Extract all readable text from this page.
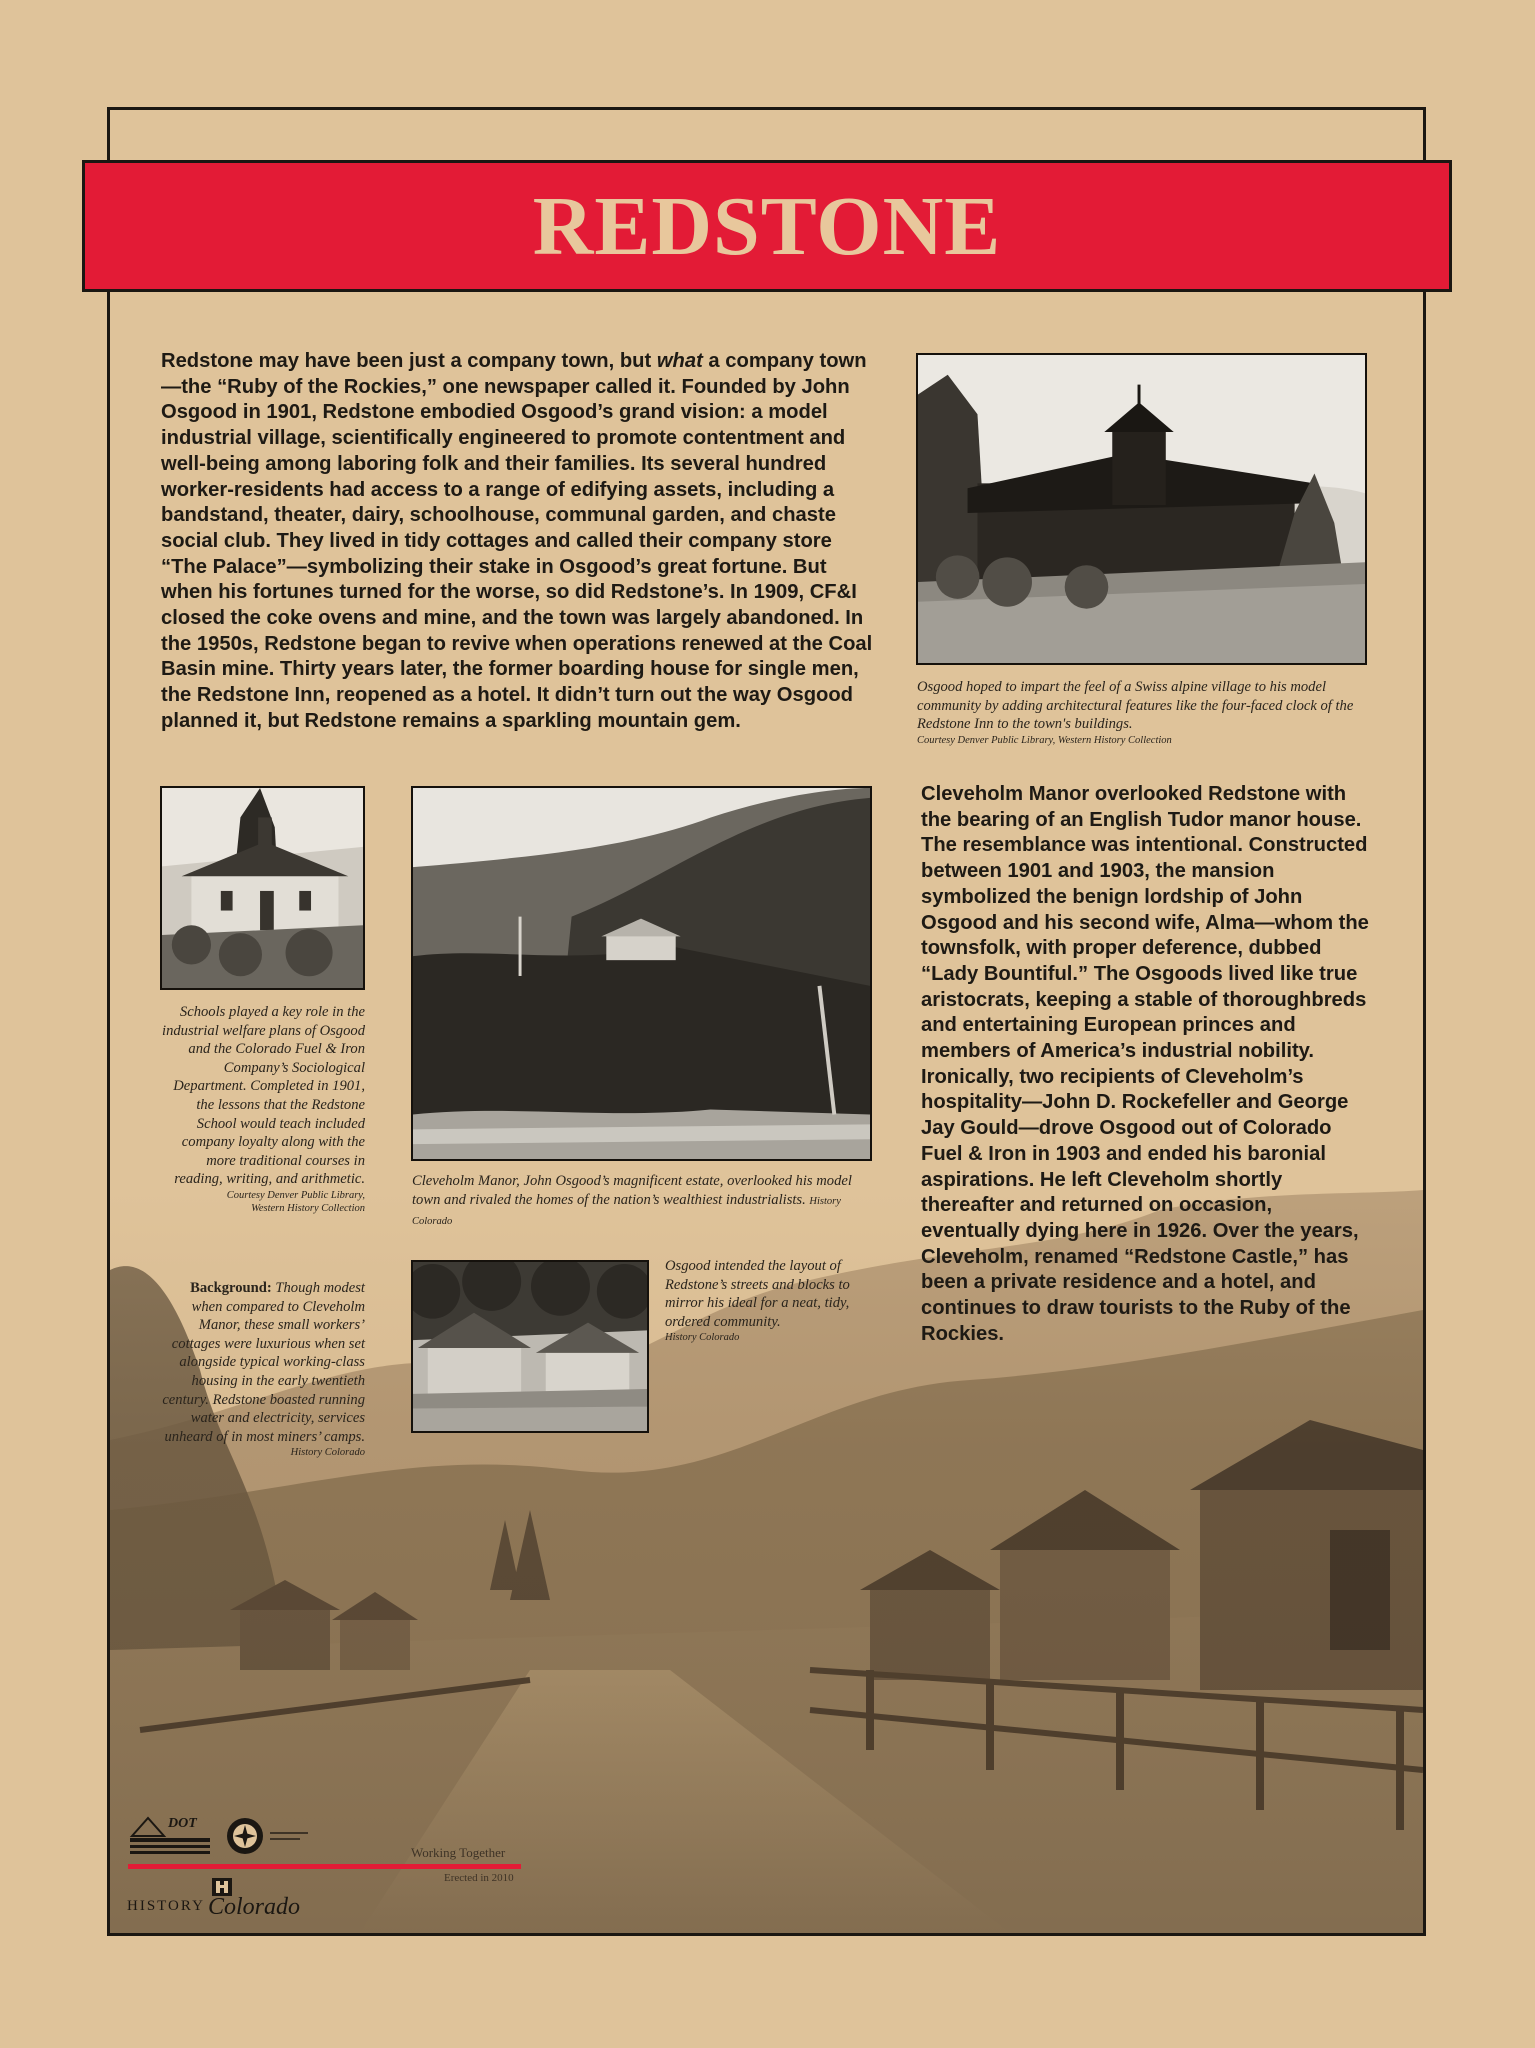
REDSTONE

Redstone may have been just a company town, but what a company town—the “Ruby of the Rockies,” one newspaper called it. Founded by John Osgood in 1901, Redstone embodied Osgood’s grand vision: a model industrial village, scientifically engineered to promote contentment and well-being among laboring folk and their families. Its several hundred worker-residents had access to a range of edifying assets, including a bandstand, theater, dairy, schoolhouse, communal garden, and chaste social club. They lived in tidy cottages and called their company store “The Palace”—symbolizing their stake in Osgood’s great fortune. But when his fortunes turned for the worse, so did Redstone’s. In 1909, CF&I closed the coke ovens and mine, and the town was largely abandoned. In the 1950s, Redstone began to revive when operations renewed at the Coal Basin mine. Thirty years later, the former boarding house for single men, the Redstone Inn, reopened as a hotel. It didn’t turn out the way Osgood planned it, but Redstone remains a sparkling mountain gem.

Osgood hoped to impart the feel of a Swiss alpine village to his model community by adding architectural features like the four-faced clock of the Redstone Inn to the town's buildings.
Courtesy Denver Public Library, Western History Collection

Schools played a key role in the industrial welfare plans of Osgood and the Colorado Fuel & Iron Company’s Sociological Department. Completed in 1901, the lessons that the Redstone School would teach included company loyalty along with the more traditional courses in reading, writing, and arithmetic.
Courtesy Denver Public Library,
Western History Collection

Background: Though modest when compared to Cleveholm Manor, these small workers’ cottages were luxurious when set alongside typical working-class housing in the early twentieth century. Redstone boasted running water and electricity, services unheard of in most miners’ camps.
History Colorado

Cleveholm Manor, John Osgood’s magnificent estate, overlooked his model town and rivaled the homes of the nation’s wealthiest industrialists. History Colorado

Osgood intended the layout of Redstone’s streets and blocks to mirror his ideal for a neat, tidy, ordered community.
History Colorado

Cleveholm Manor overlooked Redstone with the bearing of an English Tudor manor house. The resemblance was intentional. Constructed between 1901 and 1903, the mansion symbolized the benign lordship of John Osgood and his second wife, Alma—whom the townsfolk, with proper deference, dubbed “Lady Bountiful.” The Osgoods lived like true aristocrats, keeping a stable of thoroughbreds and entertaining European princes and members of America’s industrial nobility. Ironically, two recipients of Cleveholm’s hospitality—John D. Rockefeller and George Jay Gould—drove Osgood out of Colorado Fuel & Iron in 1903 and ended his baronial aspirations. He left Cleveholm shortly thereafter and returned on occasion, eventually dying here in 1926. Over the years, Cleveholm, renamed “Redstone Castle,” has been a private residence and a hotel, and continues to draw tourists to the Ruby of the Rockies.

DOT
Working Together
Erected in 2010
HISTORY Colorado
